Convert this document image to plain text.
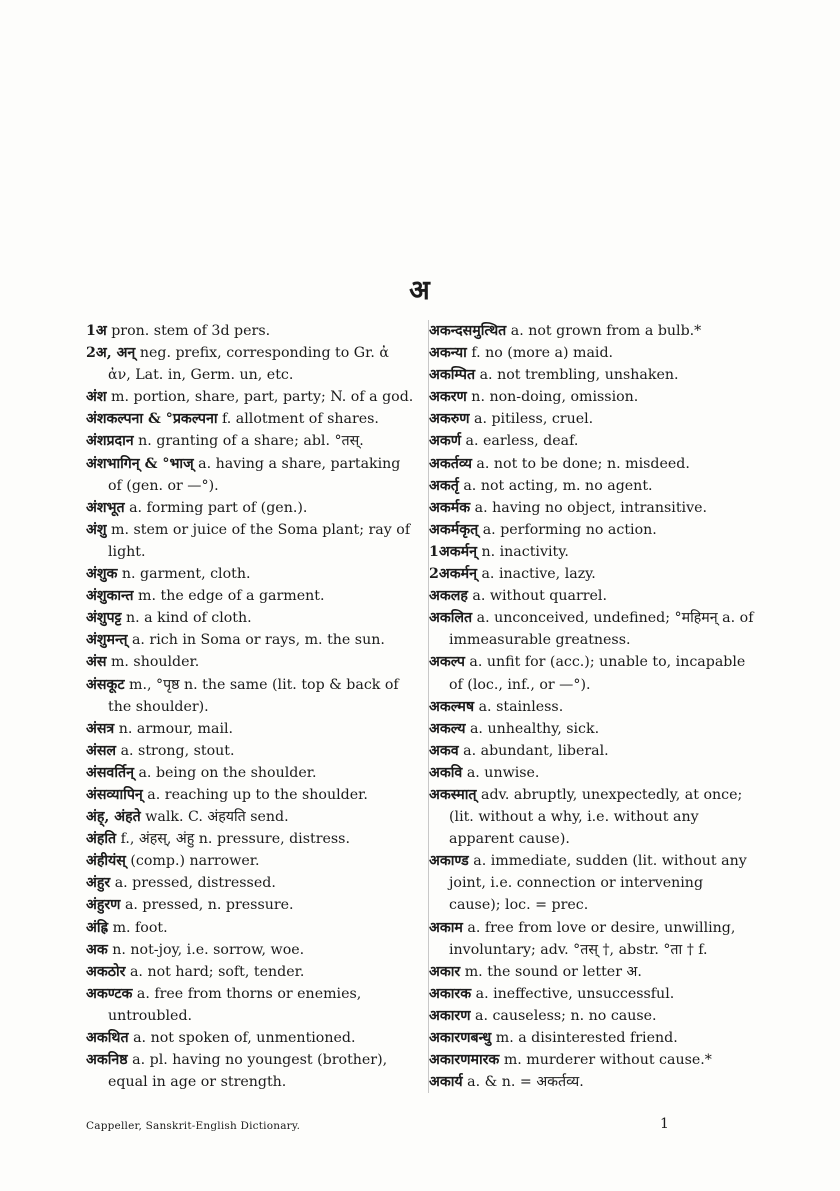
अ

1अ pron. stem of 3d pers.

2अ, अन् neg. prefix, corresponding to Gr. ἀ ἀν, Lat. in, Germ. un, etc.

अंश m. portion, share, part, party; N. of a god.

अंशकल्पना & °प्रकल्पना f. allotment of shares.

अंशप्रदान n. granting of a share; abl. °तस्.

अंशभागिन् & °भाज् a. having a share, partaking of (gen. or —°).

अंशभूत a. forming part of (gen.).

अंशु m. stem or juice of the Soma plant; ray of light.

अंशुक n. garment, cloth.

अंशुकान्त m. the edge of a garment.

अंशुपट्ट n. a kind of cloth.

अंशुमन्त् a. rich in Soma or rays, m. the sun.

अंस m. shoulder.

अंसकूट m., °पृष्ठ n. the same (lit. top & back of the shoulder).

अंसत्र n. armour, mail.

अंसल a. strong, stout.

अंसवर्तिन् a. being on the shoulder.

अंसव्यापिन् a. reaching up to the shoulder.

अंह्, अंहते walk. C. अंहयति send.

अंहति f., अंहस्, अंहु n. pressure, distress.

अंहीयंस् (comp.) narrower.

अंहुर a. pressed, distressed.

अंहुरण a. pressed, n. pressure.

अंह्रि m. foot.

अक n. not-joy, i.e. sorrow, woe.

अकठोर a. not hard; soft, tender.

अकण्टक a. free from thorns or enemies, untroubled.

अकथित a. not spoken of, unmentioned.

अकनिष्ठ a. pl. having no youngest (brother), equal in age or strength.

अकन्दसमुत्थित a. not grown from a bulb.*

अकन्या f. no (more a) maid.

अकम्पित a. not trembling, unshaken.

अकरण n. non-doing, omission.

अकरुण a. pitiless, cruel.

अकर्ण a. earless, deaf.

अकर्तव्य a. not to be done; n. misdeed.

अकर्तृ a. not acting, m. no agent.

अकर्मक a. having no object, intransitive.

अकर्मकृत् a. performing no action.

1अकर्मन् n. inactivity.

2अकर्मन् a. inactive, lazy.

अकलह a. without quarrel.

अकलित a. unconceived, undefined; °महिमन् a. of immeasurable greatness.

अकल्प a. unfit for (acc.); unable to, incapable of (loc., inf., or —°).

अकल्मष a. stainless.

अकल्य a. unhealthy, sick.

अकव a. abundant, liberal.

अकवि a. unwise.

अकस्मात् adv. abruptly, unexpectedly, at once; (lit. without a why, i.e. without any apparent cause).

अकाण्ड a. immediate, sudden (lit. without any joint, i.e. connection or intervening cause); loc. = prec.

अकाम a. free from love or desire, unwilling, involuntary; adv. °तस् †, abstr. °ता † f.

अकार m. the sound or letter अ.

अकारक a. ineffective, unsuccessful.

अकारण a. causeless; n. no cause.

अकारणबन्धु m. a disinterested friend.

अकारणमारक m. murderer without cause.*

अकार्य a. & n. = अकर्तव्य.

Cappeller, Sanskrit-English Dictionary.	1
